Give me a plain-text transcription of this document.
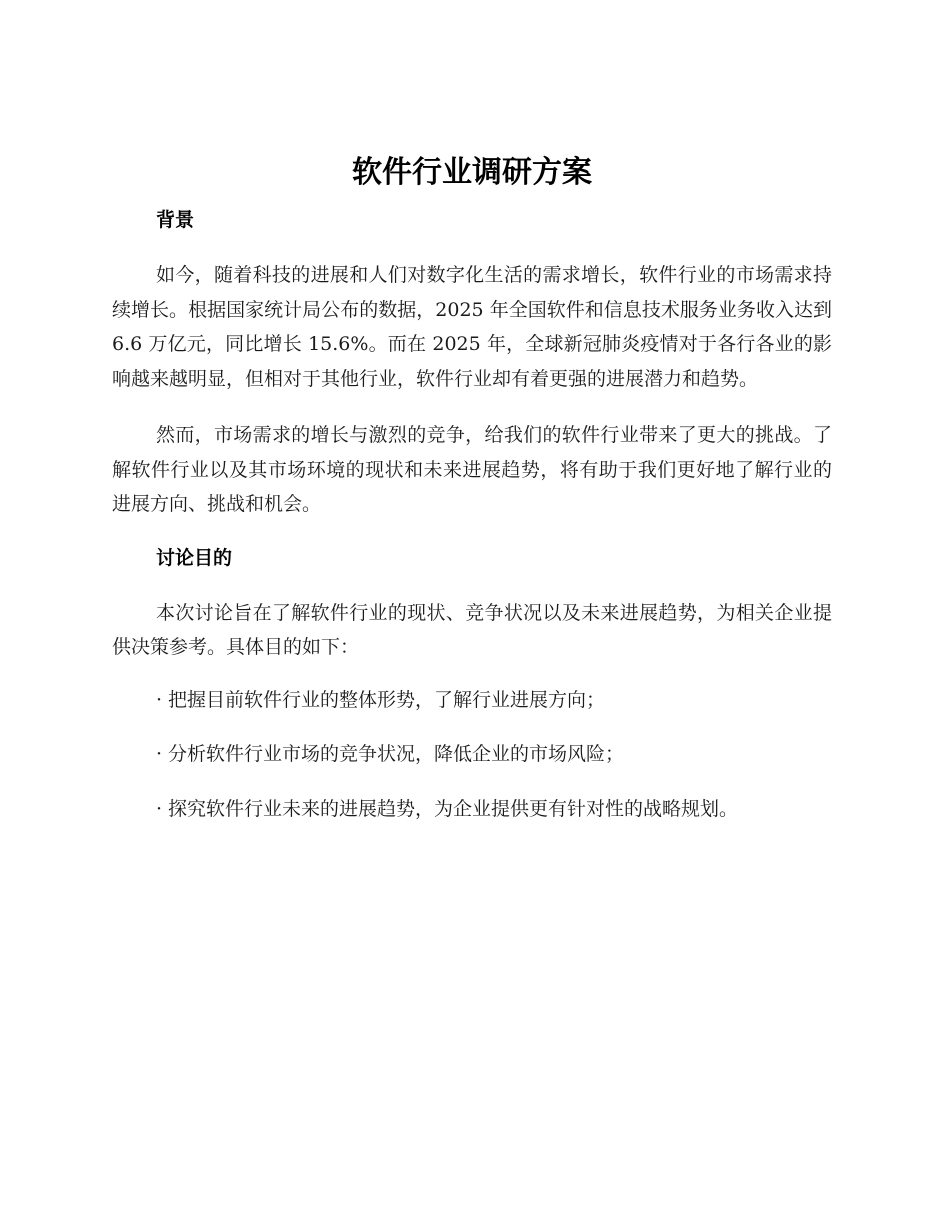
软件行业调研方案
背景

如今，随着科技的进展和人们对数字化生活的需求增长，软件行业的市场需求持续增长。根据国家统计局公布的数据，2025 年全国软件和信息技术服务业务收入达到 6.6 万亿元，同比增长 15.6%。而在 2025 年，全球新冠肺炎疫情对于各行各业的影响越来越明显，但相对于其他行业，软件行业却有着更强的进展潜力和趋势。

然而，市场需求的增长与激烈的竞争，给我们的软件行业带来了更大的挑战。了解软件行业以及其市场环境的现状和未来进展趋势，将有助于我们更好地了解行业的进展方向、挑战和机会。

讨论目的

本次讨论旨在了解软件行业的现状、竞争状况以及未来进展趋势，为相关企业提供决策参考。具体目的如下：

· 把握目前软件行业的整体形势，了解行业进展方向；
· 分析软件行业市场的竞争状况，降低企业的市场风险；
· 探究软件行业未来的进展趋势，为企业提供更有针对性的战略规划。
